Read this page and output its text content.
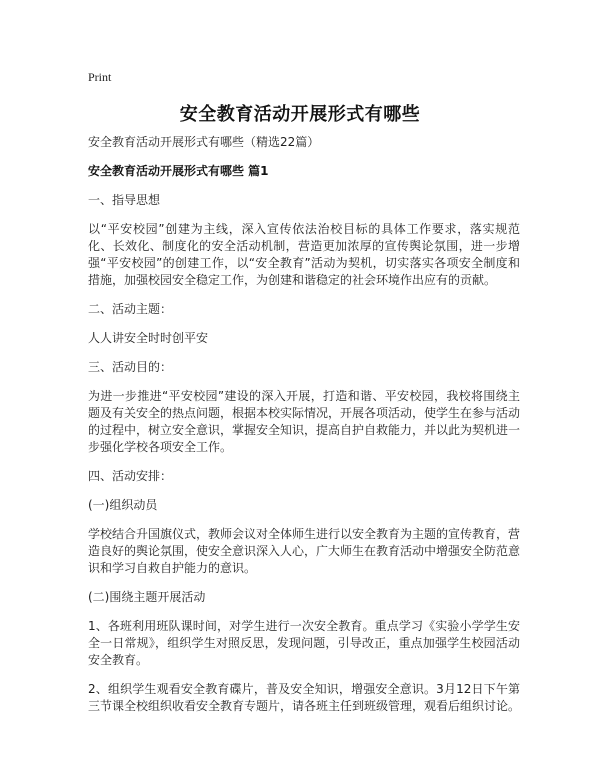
Print
安全教育活动开展形式有哪些

安全教育活动开展形式有哪些（精选22篇）

安全教育活动开展形式有哪些 篇1

一、指导思想

以“平安校园”创建为主线，深入宣传依法治校目标的具体工作要求，落实规范化、长效化、制度化的安全活动机制，营造更加浓厚的宣传舆论氛围，进一步增强“平安校园”的创建工作，以“安全教育”活动为契机，切实落实各项安全制度和措施，加强校园安全稳定工作，为创建和谐稳定的社会环境作出应有的贡献。

二、活动主题：

人人讲安全时时创平安

三、活动目的：

为进一步推进“平安校园”建设的深入开展，打造和谐、平安校园，我校将围绕主题及有关安全的热点问题，根据本校实际情况，开展各项活动，使学生在参与活动的过程中，树立安全意识，掌握安全知识，提高自护自救能力，并以此为契机进一步强化学校各项安全工作。

四、活动安排：

(一)组织动员

学校结合升国旗仪式，教师会议对全体师生进行以安全教育为主题的宣传教育，营造良好的舆论氛围，使安全意识深入人心，广大师生在教育活动中增强安全防范意识和学习自救自护能力的意识。

(二)围绕主题开展活动

1、各班利用班队课时间，对学生进行一次安全教育。重点学习《实验小学学生安全一日常规》，组织学生对照反思，发现问题，引导改正，重点加强学生校园活动安全教育。

2、组织学生观看安全教育碟片，普及安全知识，增强安全意识。3月12日下午第三节课全校组织收看安全教育专题片，请各班主任到班级管理，观看后组织讨论。
